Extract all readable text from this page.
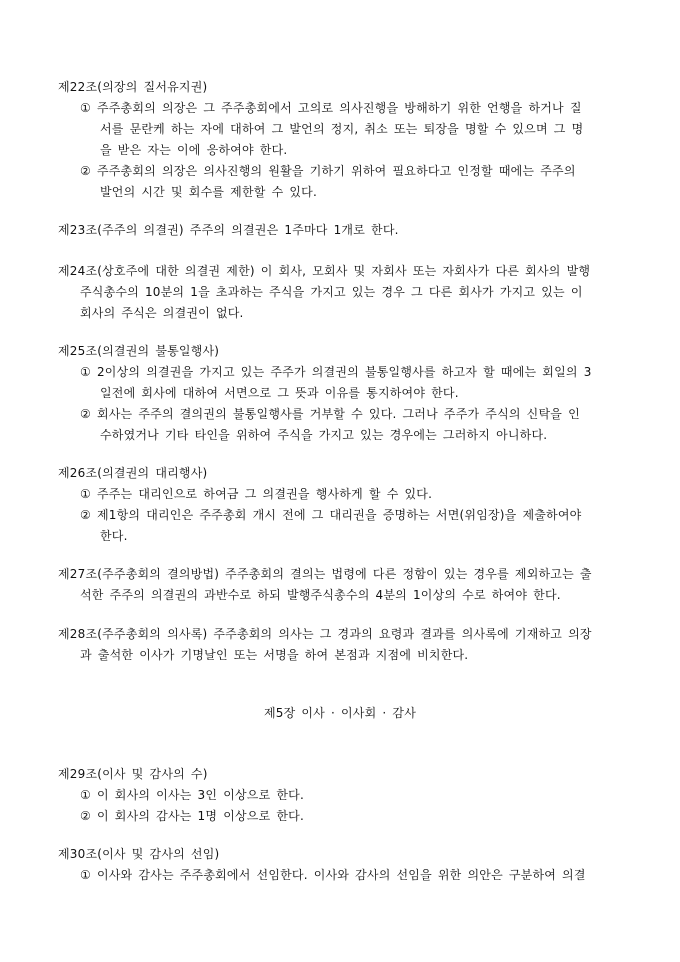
제22조(의장의 질서유지권)
① 주주총회의 의장은 그 주주총회에서 고의로 의사진행을 방해하기 위한 언행을 하거나 질
서를 문란케 하는 자에 대하여 그 발언의 정지, 취소 또는 퇴장을 명할 수 있으며 그 명
을 받은 자는 이에 응하여야 한다.
② 주주총회의 의장은 의사진행의 원활을 기하기 위하여 필요하다고 인정할 때에는 주주의
발언의 시간 및 회수를 제한할 수 있다.
제23조(주주의 의결권) 주주의 의결권은 1주마다 1개로 한다.
제24조(상호주에 대한 의결권 제한) 이 회사, 모회사 및 자회사 또는 자회사가 다른 회사의 발행
주식총수의 10분의 1을 초과하는 주식을 가지고 있는 경우 그 다른 회사가 가지고 있는 이
회사의 주식은 의결권이 없다.
제25조(의결권의 불통일행사)
① 2이상의 의결권을 가지고 있는 주주가 의결권의 불통일행사를 하고자 할 때에는 회일의 3
일전에 회사에 대하여 서면으로 그 뜻과 이유를 통지하여야 한다.
② 회사는 주주의 결의권의 불통일행사를 거부할 수 있다. 그러나 주주가 주식의 신탁을 인
수하였거나 기타 타인을 위하여 주식을 가지고 있는 경우에는 그러하지 아니하다.
제26조(의결권의 대리행사)
① 주주는 대리인으로 하여금 그 의결권을 행사하게 할 수 있다.
② 제1항의 대리인은 주주총회 개시 전에 그 대리권을 증명하는 서면(위임장)을 제출하여야
한다.
제27조(주주총회의 결의방법) 주주총회의 결의는 법령에 다른 정함이 있는 경우를 제외하고는 출
석한 주주의 의결권의 과반수로 하되 발행주식총수의 4분의 1이상의 수로 하여야 한다.
제28조(주주총회의 의사록) 주주총회의 의사는 그 경과의 요령과 결과를 의사록에 기재하고 의장
과 출석한 이사가 기명날인 또는 서명을 하여 본점과 지점에 비치한다.
제5장 이사 · 이사회 · 감사
제29조(이사 및 감사의 수)
① 이 회사의 이사는 3인 이상으로 한다.
② 이 회사의 감사는 1명 이상으로 한다.
제30조(이사 및 감사의 선임)
① 이사와 감사는 주주총회에서 선임한다. 이사와 감사의 선임을 위한 의안은 구분하여 의결
